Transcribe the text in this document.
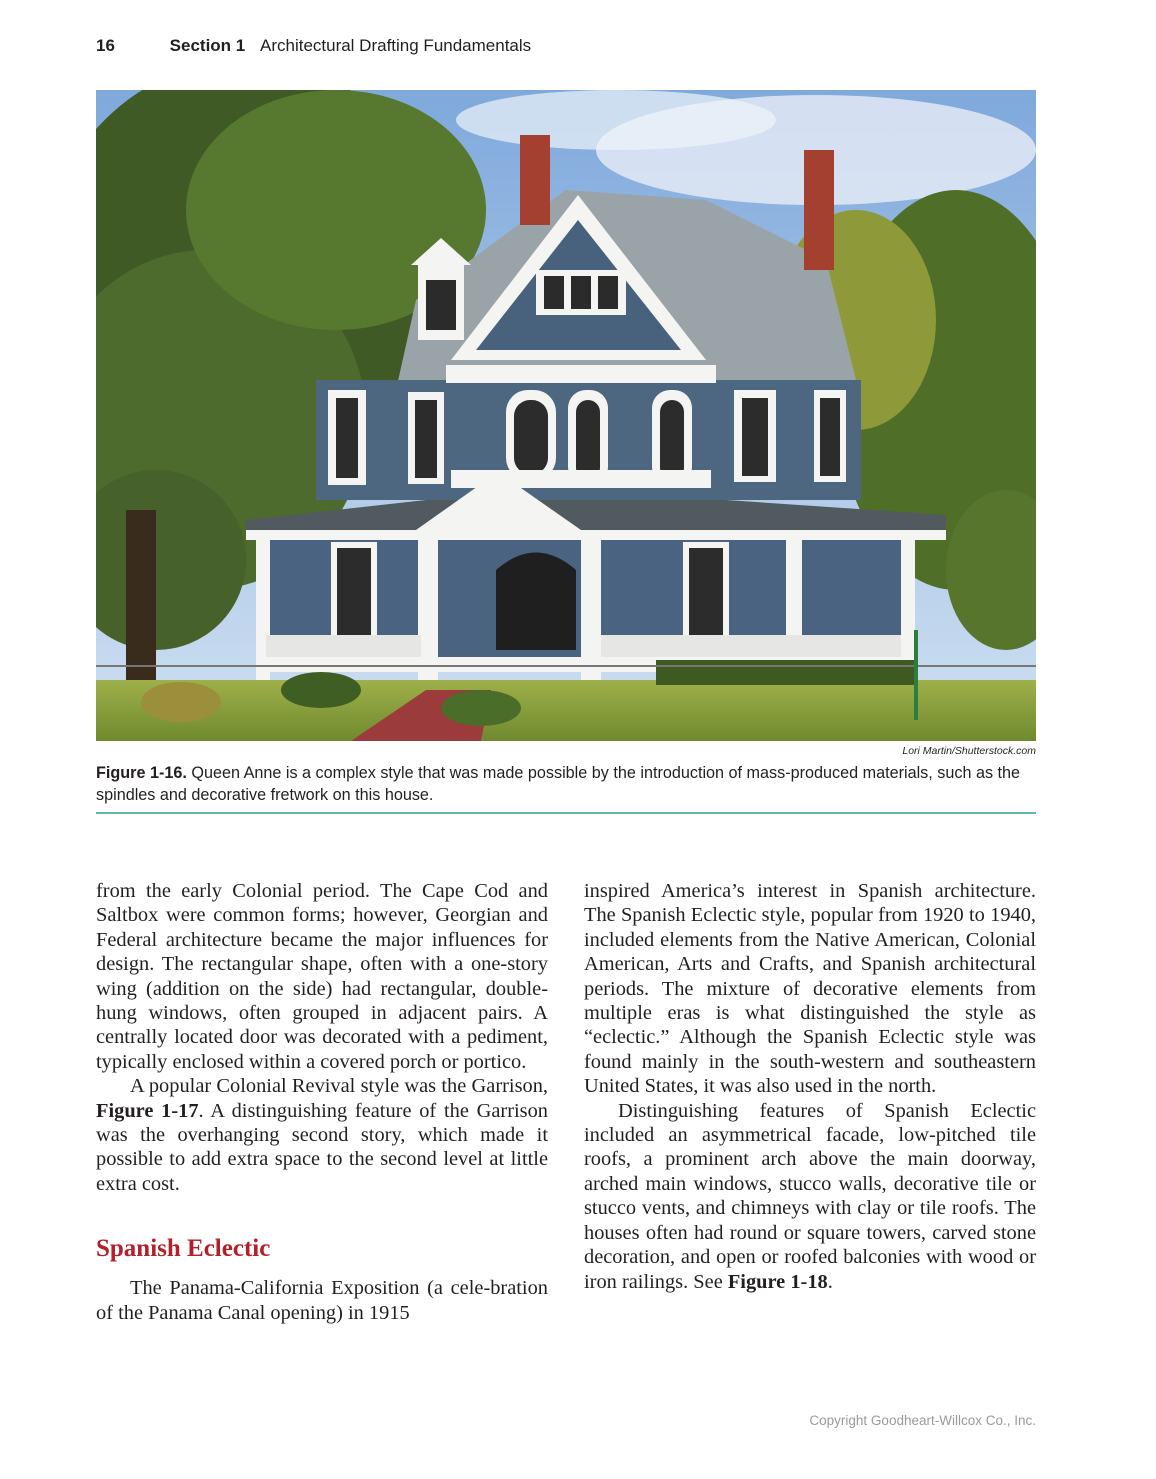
16	Section 1 Architectural Drafting Fundamentals
Lori Martin/Shutterstock.com
Figure 1-16. Queen Anne is a complex style that was made possible by the introduction of mass-produced materials, such as the spindles and decorative fretwork on this house.

from the early Colonial period. The Cape Cod and Saltbox were common forms; however, Georgian and Federal architecture became the major influences for design. The rectangular shape, often with a one-story wing (addition on the side) had rectangular, double-hung windows, often grouped in adjacent pairs. A centrally located door was decorated with a pediment, typically enclosed within a covered porch or portico.

A popular Colonial Revival style was the Garrison, Figure 1-17. A distinguishing feature of the Garrison was the overhanging second story, which made it possible to add extra space to the second level at little extra cost.

Spanish Eclectic

The Panama-California Exposition (a cele-bration of the Panama Canal opening) in 1915

inspired America’s interest in Spanish architecture. The Spanish Eclectic style, popular from 1920 to 1940, included elements from the Native American, Colonial American, Arts and Crafts, and Spanish architectural periods. The mixture of decorative elements from multiple eras is what distinguished the style as “eclectic.” Although the Spanish Eclectic style was found mainly in the south-western and southeastern United States, it was also used in the north.

Distinguishing features of Spanish Eclectic included an asymmetrical facade, low-pitched tile roofs, a prominent arch above the main doorway, arched main windows, stucco walls, decorative tile or stucco vents, and chimneys with clay or tile roofs. The houses often had round or square towers, carved stone decoration, and open or roofed balconies with wood or iron railings. See Figure 1-18.

Copyright Goodheart-Willcox Co., Inc.
